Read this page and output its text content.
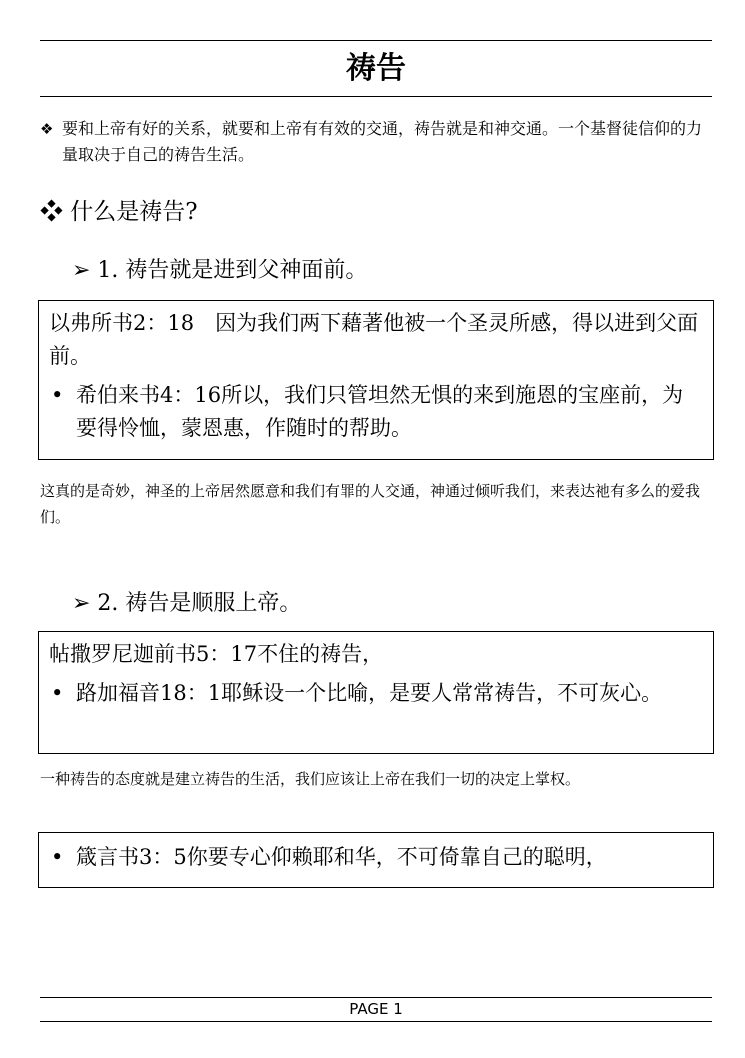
祷告
❖ 要和上帝有好的关系，就要和上帝有有效的交通，祷告就是和神交通。一个基督徒信仰的力量取决于自己的祷告生活。
❖ 什么是祷告?
➢ 1. 祷告就是进到父神面前。

以弗所书2：18　因为我们两下藉著他被一个圣灵所感，得以进到父面前。

• 希伯来书4：16所以，我们只管坦然无惧的来到施恩的宝座前，为要得怜恤，蒙恩惠，作随时的帮助。
这真的是奇妙，神圣的上帝居然愿意和我们有罪的人交通，神通过倾听我们，来表达祂有多么的爱我们。
➢ 2. 祷告是顺服上帝。

帖撒罗尼迦前书5：17不住的祷告，

• 路加福音18：1耶稣设一个比喻，是要人常常祷告，不可灰心。
一种祷告的态度就是建立祷告的生活，我们应该让上帝在我们一切的决定上掌权。
• 箴言书3：5你要专心仰赖耶和华，不可倚靠自己的聪明，
PAGE 1
